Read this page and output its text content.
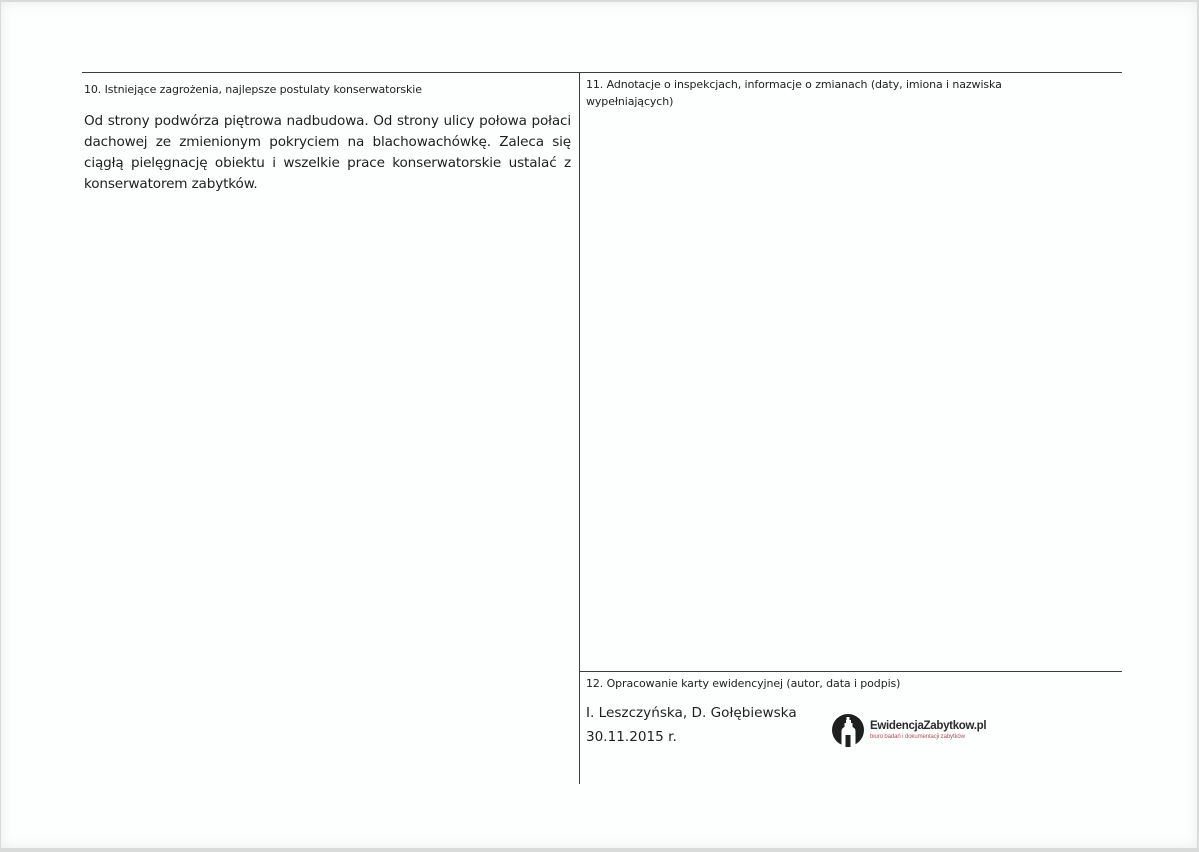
10. Istniejące zagrożenia, najlepsze postulaty konserwatorskie
Od strony podwórza piętrowa nadbudowa. Od strony ulicy połowa połaci dachowej ze zmienionym pokryciem na blachowachówkę. Zaleca się ciągłą pielęgnację obiektu i wszelkie prace konserwatorskie ustalać z konserwatorem zabytków.
11. Adnotacje o inspekcjach, informacje o zmianach (daty, imiona i nazwiska
wypełniających)
12. Opracowanie karty ewidencyjnej (autor, data i podpis)
I. Leszczyńska, D. Gołębiewska
30.11.2015 r.
EwidencjaZabytkow.pl
biuro badań i dokumentacji zabytków
